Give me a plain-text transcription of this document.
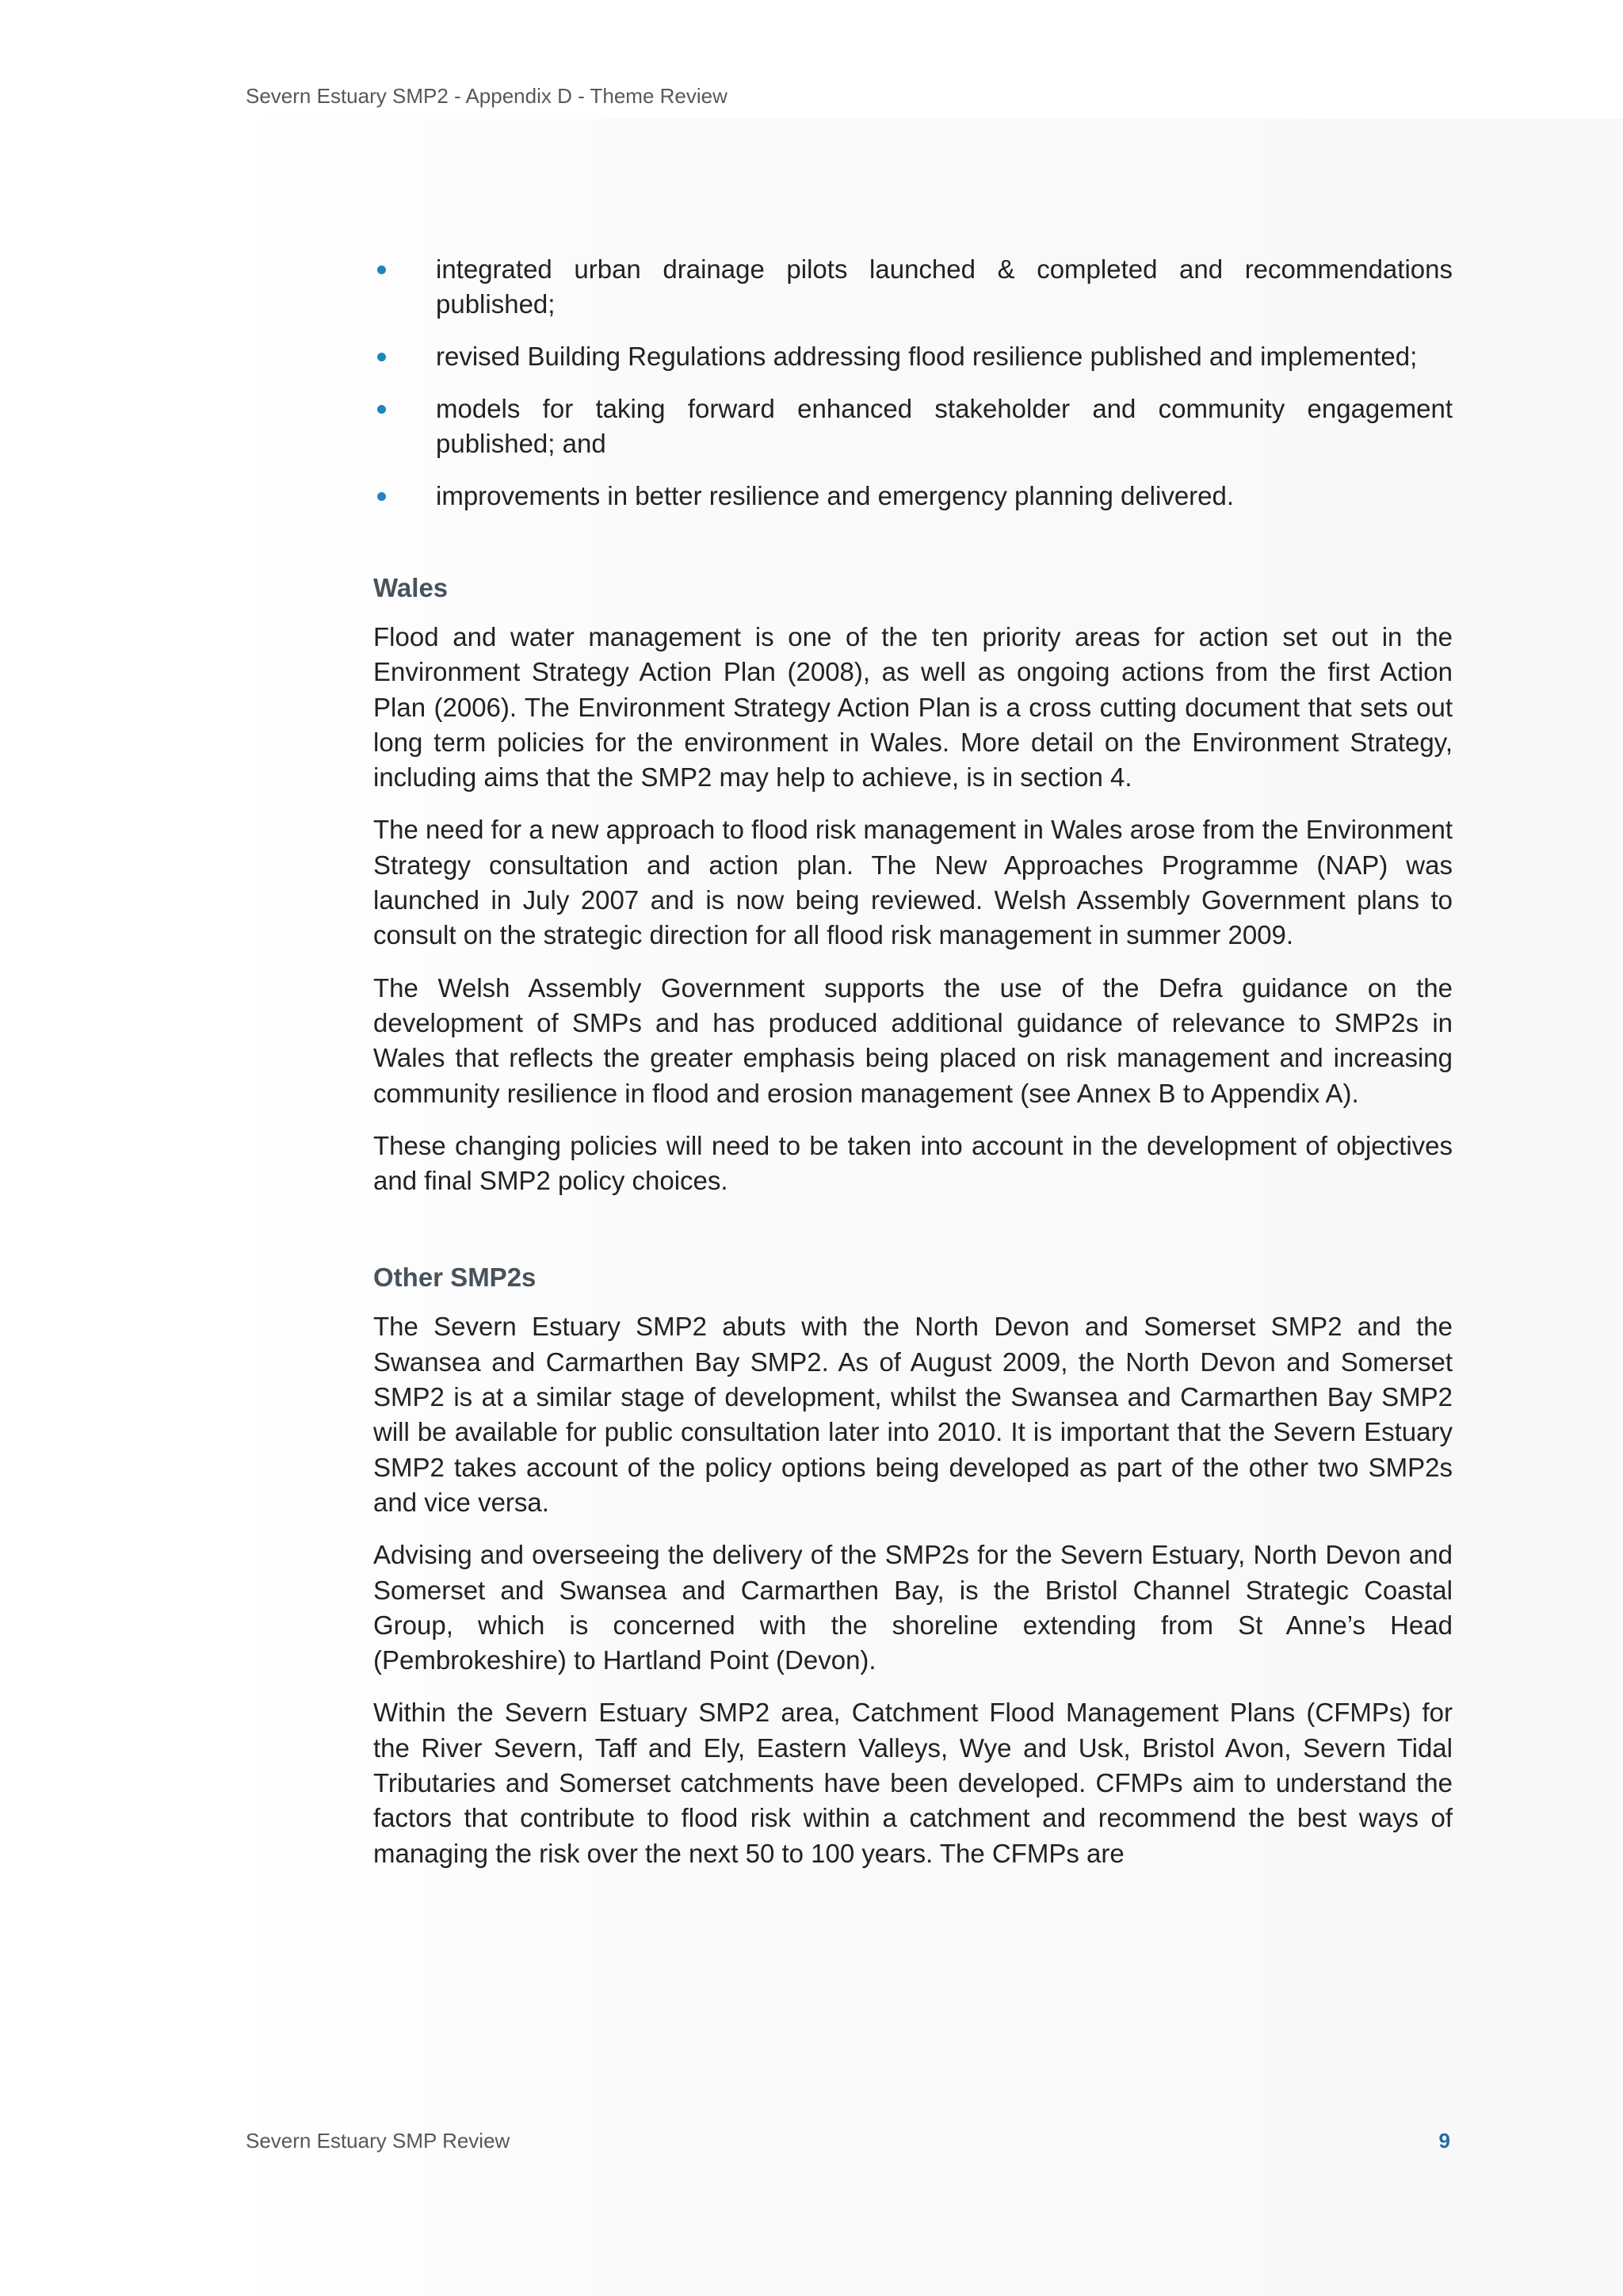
Severn Estuary SMP2 - Appendix D - Theme Review
integrated urban drainage pilots launched & completed and recommendations published;
revised Building Regulations addressing flood resilience published and implemented;
models for taking forward enhanced stakeholder and community engagement published; and
improvements in better resilience and emergency planning delivered.
Wales

Flood and water management is one of the ten priority areas for action set out in the Environment Strategy Action Plan (2008), as well as ongoing actions from the first Action Plan (2006). The Environment Strategy Action Plan is a cross cutting document that sets out long term policies for the environment in Wales. More detail on the Environment Strategy, including aims that the SMP2 may help to achieve, is in section 4.

The need for a new approach to flood risk management in Wales arose from the Environment Strategy consultation and action plan. The New Approaches Programme (NAP) was launched in July 2007 and is now being reviewed. Welsh Assembly Government plans to consult on the strategic direction for all flood risk management in summer 2009.

The Welsh Assembly Government supports the use of the Defra guidance on the development of SMPs and has produced additional guidance of relevance to SMP2s in Wales that reflects the greater emphasis being placed on risk management and increasing community resilience in flood and erosion management (see Annex B to Appendix A).

These changing policies will need to be taken into account in the development of objectives and final SMP2 policy choices.

Other SMP2s

The Severn Estuary SMP2 abuts with the North Devon and Somerset SMP2 and the Swansea and Carmarthen Bay SMP2. As of August 2009, the North Devon and Somerset SMP2 is at a similar stage of development, whilst the Swansea and Carmarthen Bay SMP2 will be available for public consultation later into 2010. It is important that the Severn Estuary SMP2 takes account of the policy options being developed as part of the other two SMP2s and vice versa.

Advising and overseeing the delivery of the SMP2s for the Severn Estuary, North Devon and Somerset and Swansea and Carmarthen Bay, is the Bristol Channel Strategic Coastal Group, which is concerned with the shoreline extending from St Anne’s Head (Pembrokeshire) to Hartland Point (Devon).

Within the Severn Estuary SMP2 area, Catchment Flood Management Plans (CFMPs) for the River Severn, Taff and Ely, Eastern Valleys, Wye and Usk, Bristol Avon, Severn Tidal Tributaries and Somerset catchments have been developed. CFMPs aim to understand the factors that contribute to flood risk within a catchment and recommend the best ways of managing the risk over the next 50 to 100 years. The CFMPs are

Severn Estuary SMP Review	9
